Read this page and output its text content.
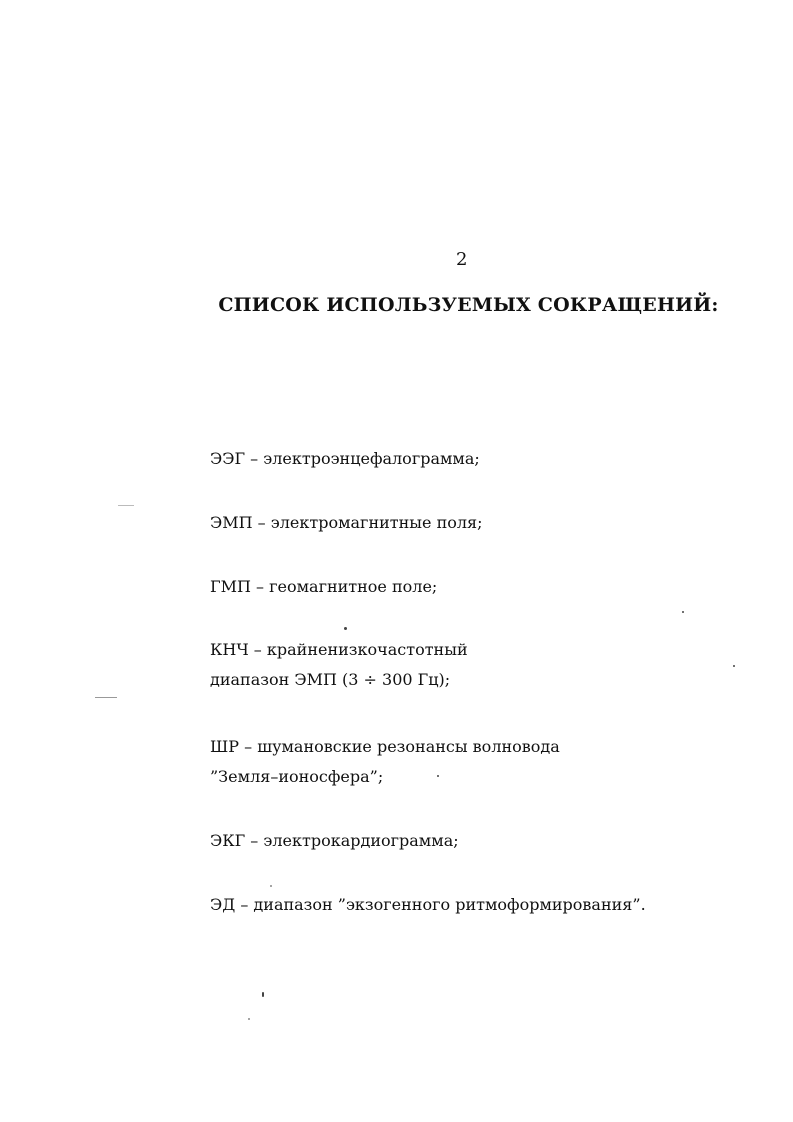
2
СПИСОК ИСПОЛЬЗУЕМЫХ СОКРАЩЕНИЙ:
ЭЭГ – электроэнцефалограмма;
ЭМП – электромагнитные поля;
ГМП – геомагнитное поле;
КНЧ – крайненизкочастотный
диапазон ЭМП (3 ÷ 300 Гц);
ШР – шумановские резонансы волновода
”Земля–ионосфера”;
ЭКГ – электрокардиограмма;
ЭД – диапазон ”экзогенного ритмоформирования”.
